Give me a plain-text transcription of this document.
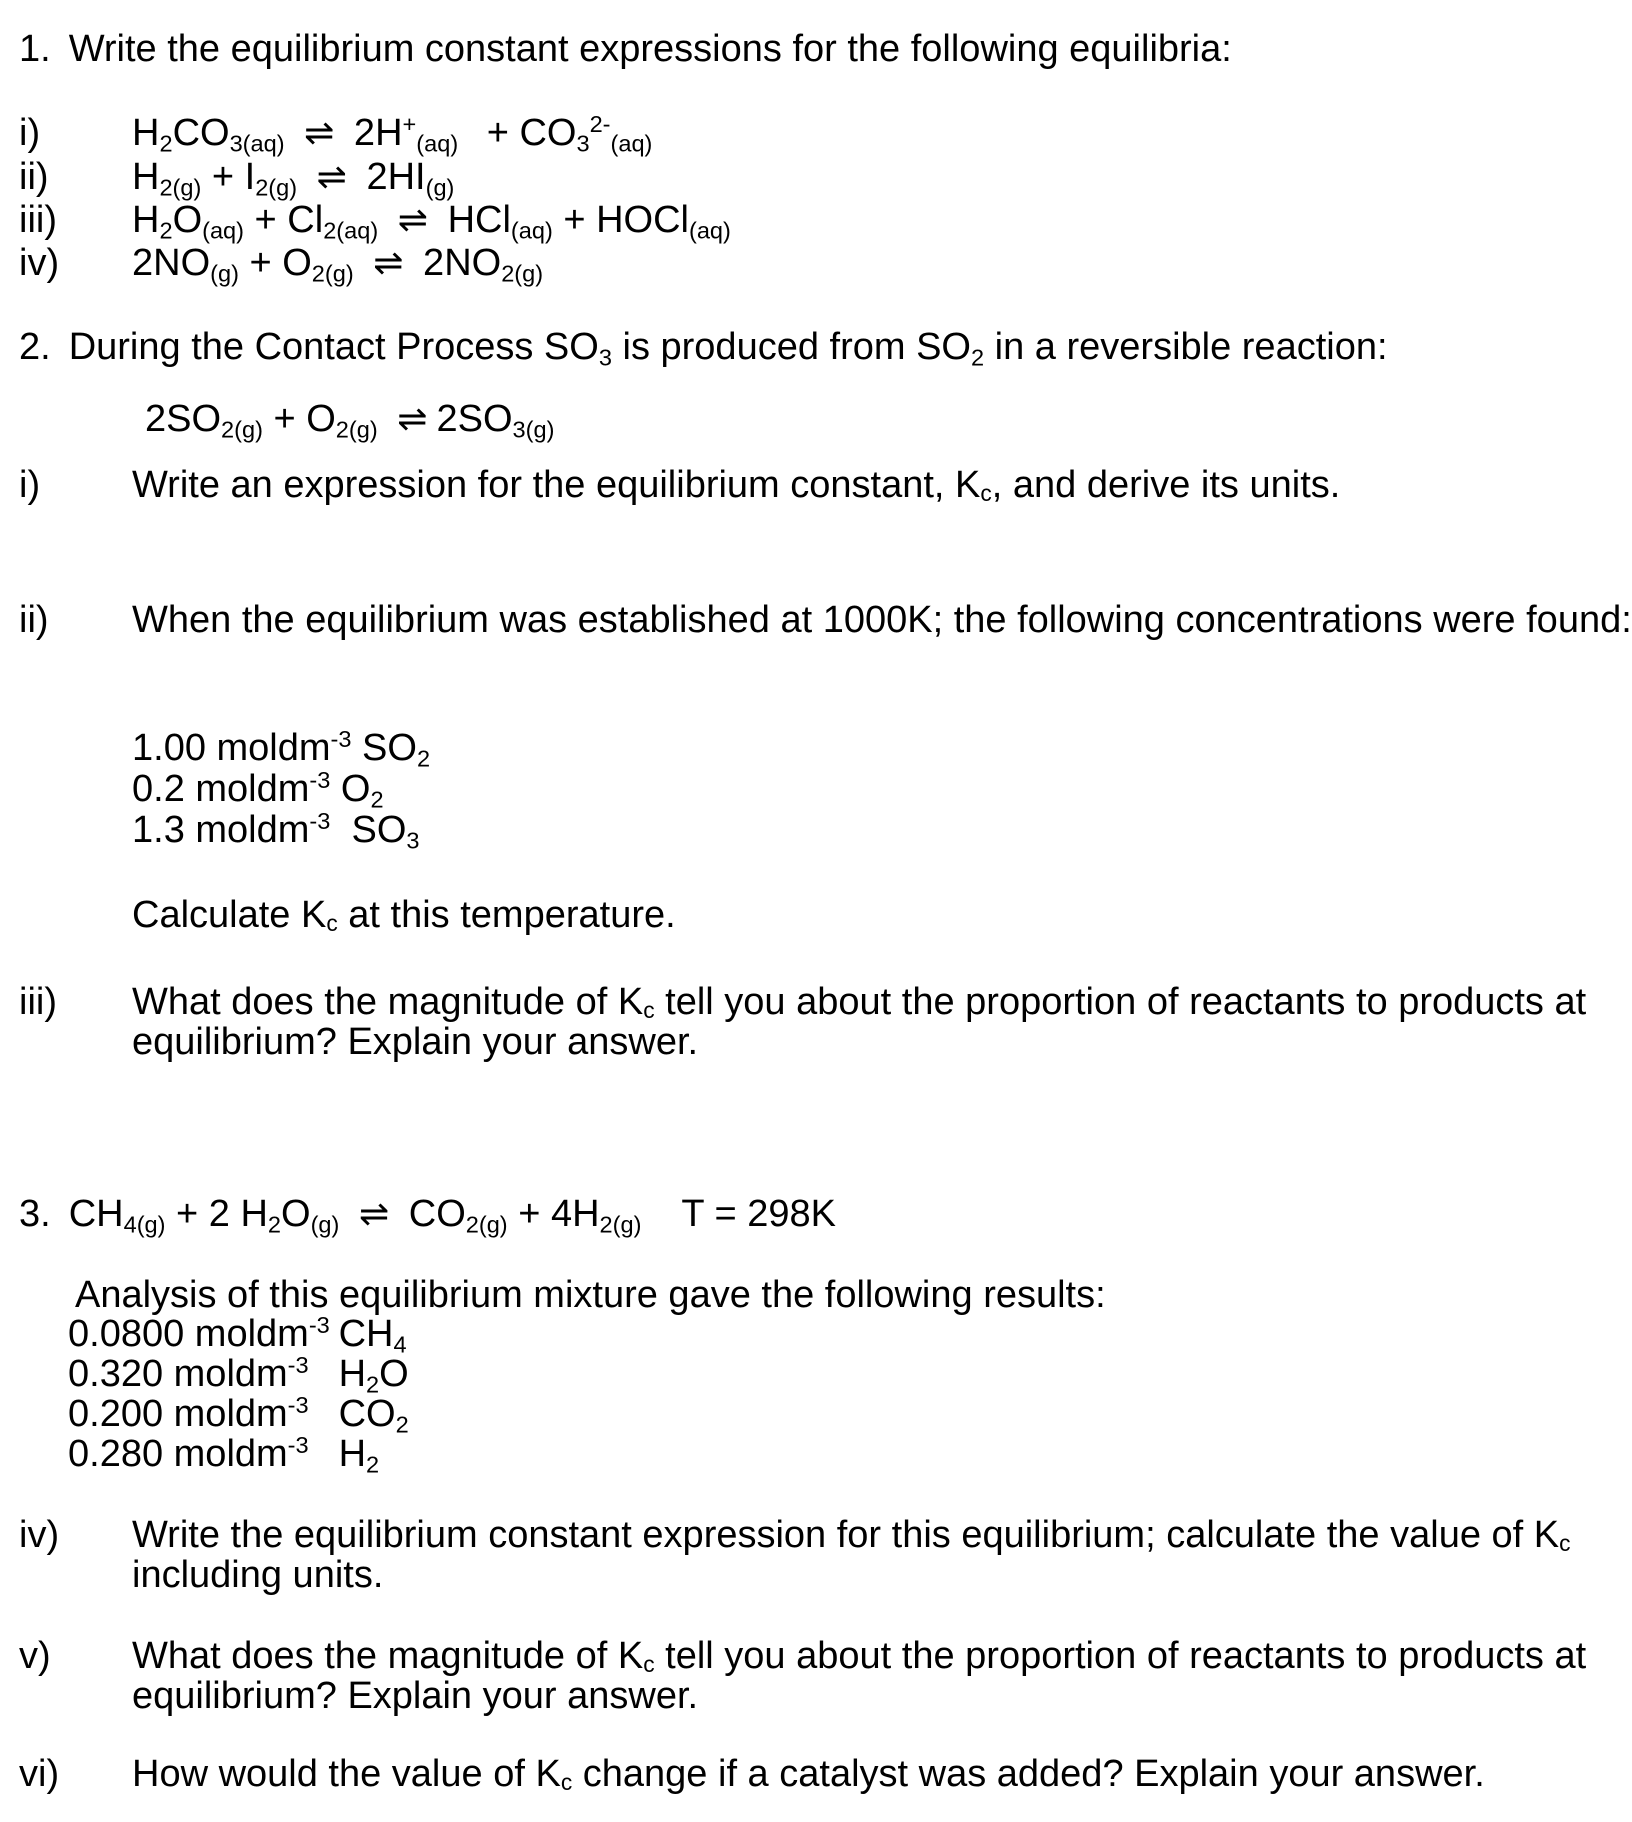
1. Write the equilibrium constant expressions for the following equilibria:
i) $H_2CO_{3(aq)}$ ⇌ $2H^+_{(aq)} + CO_3^{2-}_{(aq)}$
ii) $H_{2(g)} + I_{2(g)}$ ⇌ $2HI_{(g)}$
iii) $H_2O_{(aq)} + Cl_{2(aq)}$ ⇌ HCl$_{(aq)}$ + HOCl$_{(aq)}$
iv) $2NO_{(g)} + O_{2(g)}$ ⇌ $2NO_{2(g)}$
2. During the Contact Process $SO_3$ is produced from $SO_2$ in a reversible reaction:
$2SO_{2(g)} + O_{2(g)}$ ⇌ $2SO_{3(g)}$
i) Write an expression for the equilibrium constant, $K_c$, and derive its units.
ii) When the equilibrium was established at 1000K; the following concentrations were found:
1.00 moldm$^{-3}$ $SO_2$
0.2 moldm$^{-3}$ $O_2$
1.3 moldm$^{-3}$ $SO_3$
Calculate $K_c$ at this temperature.
iii) What does the magnitude of $K_c$ tell you about the proportion of reactants to products at
equilibrium? Explain your answer.
3. $CH_{4(g)} + 2$ $H_2O_{(g)}$ ⇌ $CO_{2(g)} + 4H_{2(g)}$ T = 298K
Analysis of this equilibrium mixture gave the following results:
0.0800 moldm$^{-3}$ $CH_4$
0.320 moldm$^{-3}$ $H_2O$
0.200 moldm$^{-3}$ $CO_2$
0.280 moldm$^{-3}$ $H_2$
iv) Write the equilibrium constant expression for this equilibrium; calculate the value of $K_c$
including units.
v) What does the magnitude of $K_c$ tell you about the proportion of reactants to products at
equilibrium? Explain your answer.
vi) How would the value of $K_c$ change if a catalyst was added? Explain your answer.
